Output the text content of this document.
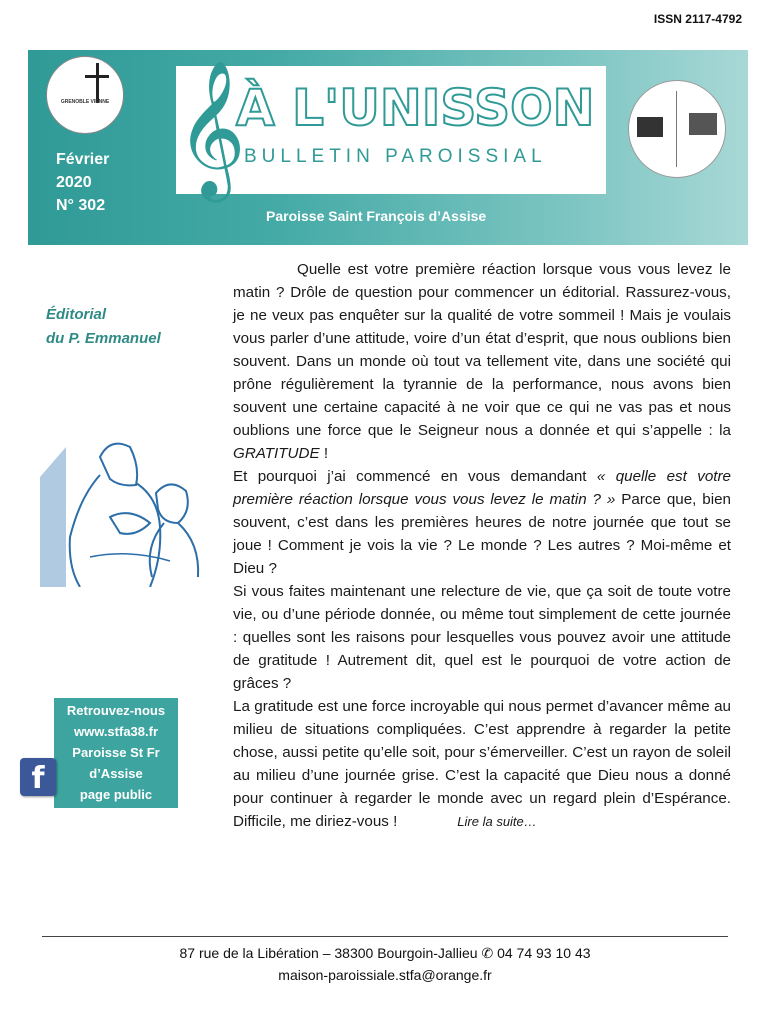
ISSN 2117-4792
GRENOBLE VIENNE 𝄞
À L'UNISSON
BULLETIN PAROISSIAL
Février
2020
N° 302
Paroisse Saint François d’Assise
Éditorial
du P. Emmanuel
Retrouvez-nous
www.stfa38.fr
Paroisse St Fr
d’Assise
page public
f

Quelle est votre première réaction lorsque vous vous levez le matin ? Drôle de question pour commencer un éditorial. Rassurez-vous, je ne veux pas enquêter sur la qualité de votre sommeil ! Mais je voulais vous parler d’une attitude, voire d’un état d’esprit, que nous oublions bien souvent. Dans un monde où tout va tellement vite, dans une société qui prône régulièrement la tyrannie de la performance, nous avons bien souvent une certaine capacité à ne voir que ce qui ne vas pas et nous oublions une force que le Seigneur nous a donnée et qui s’appelle : la GRATITUDE !

Et pourquoi j’ai commencé en vous demandant « quelle est votre première réaction lorsque vous vous levez le matin ? » Parce que, bien souvent, c’est dans les premières heures de notre journée que tout se joue ! Comment je vois la vie ? Le monde ? Les autres ? Moi-même et Dieu ?

Si vous faites maintenant une relecture de vie, que ça soit de toute votre vie, ou d’une période donnée, ou même tout simplement de cette journée : quelles sont les raisons pour lesquelles vous pouvez avoir une attitude de gratitude ! Autrement dit, quel est le pourquoi de votre action de grâces ?

La gratitude est une force incroyable qui nous permet d’avancer même au milieu de situations compliquées. C’est apprendre à regarder la petite chose, aussi petite qu’elle soit, pour s’émerveiller. C’est un rayon de soleil au milieu d’une journée grise. C’est la capacité que Dieu nous a donné pour continuer à regarder le monde avec un regard plein d’Espérance. Difficile, me diriez-vous !	Lire la suite…

87 rue de la Libération – 38300 Bourgoin-Jallieu ✆ 04 74 93 10 43
maison-paroissiale.stfa@orange.fr
